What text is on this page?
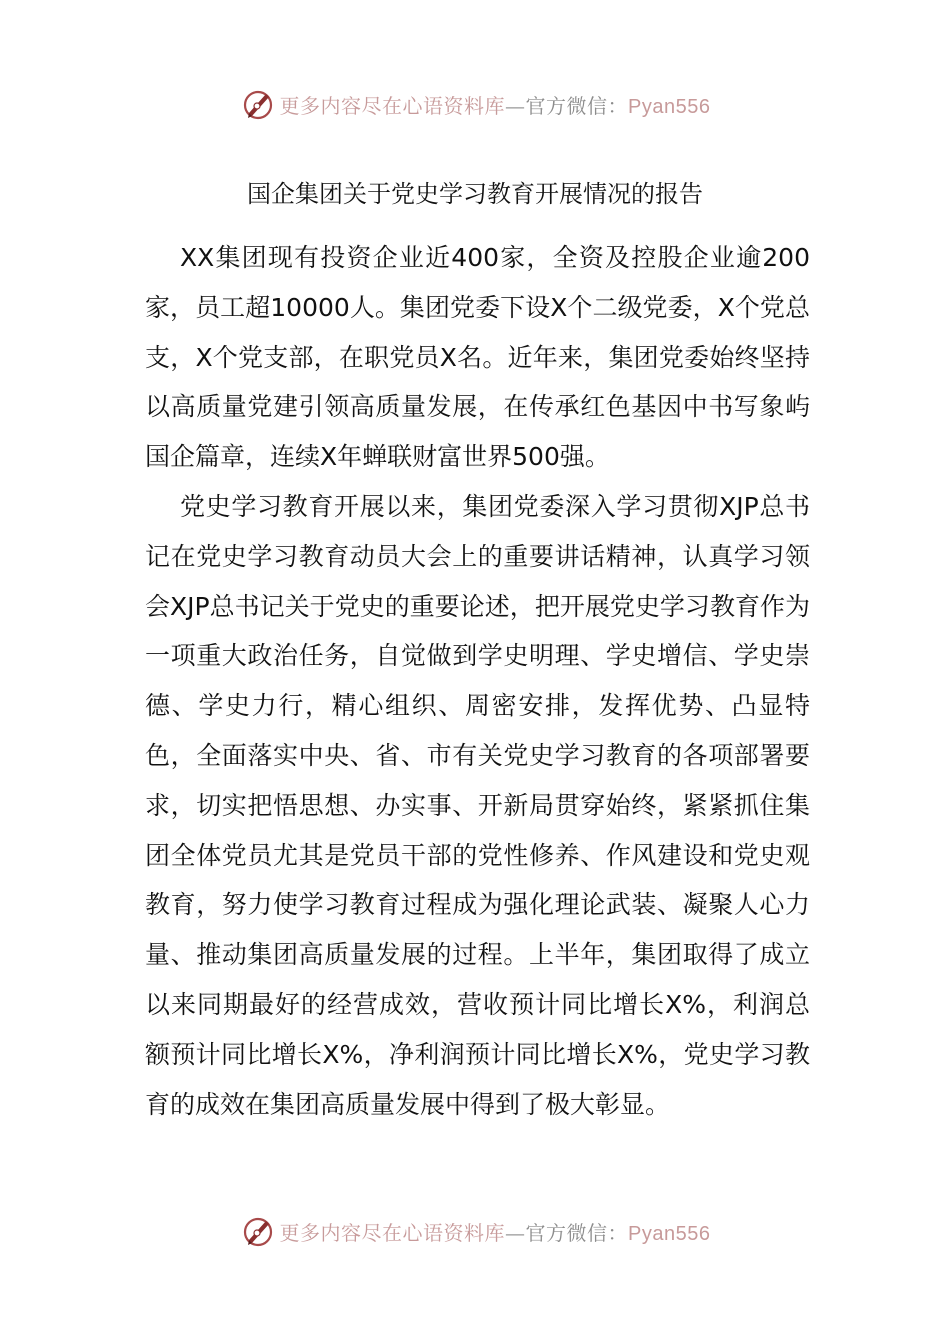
更多内容尽在心语资料库—官方微信：Pyan556
国企集团关于党史学习教育开展情况的报告

XX集团现有投资企业近400家，全资及控股企业逾200家，员工超10000人。集团党委下设X个二级党委，X个党总支，X个党支部，在职党员X名。近年来，集团党委始终坚持以高质量党建引领高质量发展，在传承红色基因中书写象屿国企篇章，连续X年蝉联财富世界500强。

党史学习教育开展以来，集团党委深入学习贯彻XJP总书记在党史学习教育动员大会上的重要讲话精神，认真学习领会XJP总书记关于党史的重要论述，把开展党史学习教育作为一项重大政治任务，自觉做到学史明理、学史增信、学史崇德、学史力行，精心组织、周密安排，发挥优势、凸显特色，全面落实中央、省、市有关党史学习教育的各项部署要求，切实把悟思想、办实事、开新局贯穿始终，紧紧抓住集团全体党员尤其是党员干部的党性修养、作风建设和党史观教育，努力使学习教育过程成为强化理论武装、凝聚人心力量、推动集团高质量发展的过程。上半年，集团取得了成立以来同期最好的经营成效，营收预计同比增长X%，利润总额预计同比增长X%，净利润预计同比增长X%，党史学习教育的成效在集团高质量发展中得到了极大彰显。

更多内容尽在心语资料库—官方微信：Pyan556
